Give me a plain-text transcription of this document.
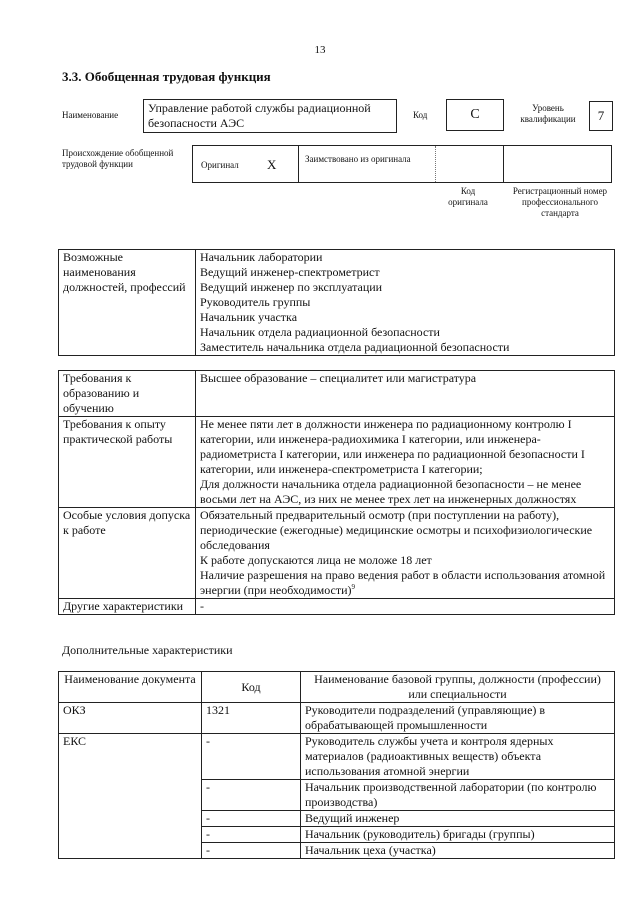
13
3.3. Обобщенная трудовая функция
Наименование	Управление работой службы радиационной безопасности АЭС
Код	C	Уровень квалификации	7
Происхождение обобщенной трудовой функции	Оригинал X	Заимствовано из оригинала
Код оригинала
Регистрационный номер профессионального стандарта
Возможные наименования должностей, профессий	
Начальник лаборатории
Ведущий инженер-спектрометрист
Ведущий инженер по эксплуатации
Руководитель группы
Начальник участка
Начальник отдела радиационной безопасности
Заместитель начальника отдела радиационной безопасности
Требования к образованию и обучению	Высшее образование – специалитет или магистратура

Требования к опыту практической работы	Не менее пяти лет в должности инженера по радиационному контролю I категории, или инженера-радиохимика I категории, или инженера-радиометриста I категории, или инженера по радиационной безопасности I категории, или инженера-спектрометриста I категории;
Для должности начальника отдела радиационной безопасности – не менее восьми лет на АЭС, из них не менее трех лет на инженерных должностях

Особые условия допуска к работе	Обязательный предварительный осмотр (при поступлении на работу), периодические (ежегодные) медицинские осмотры и психофизиологические обследования
К работе допускаются лица не моложе 18 лет
Наличие разрешения на право ведения работ в области использования атомной энергии (при необходимости)$^9$

Другие характеристики	-
Дополнительные характеристики
Наименование документа	Код	Наименование базовой группы, должности (профессии) или специальности
ОКЗ	1321	Руководители подразделений (управляющие) в обрабатывающей промышленности
ЕКС	-	Руководитель службы учета и контроля ядерных материалов (радиоактивных веществ) объекта использования атомной энергии
	-	Начальник производственной лаборатории (по контролю производства)
	-	Ведущий инженер
	-	Начальник (руководитель) бригады (группы)
	-	Начальник цеха (участка)
